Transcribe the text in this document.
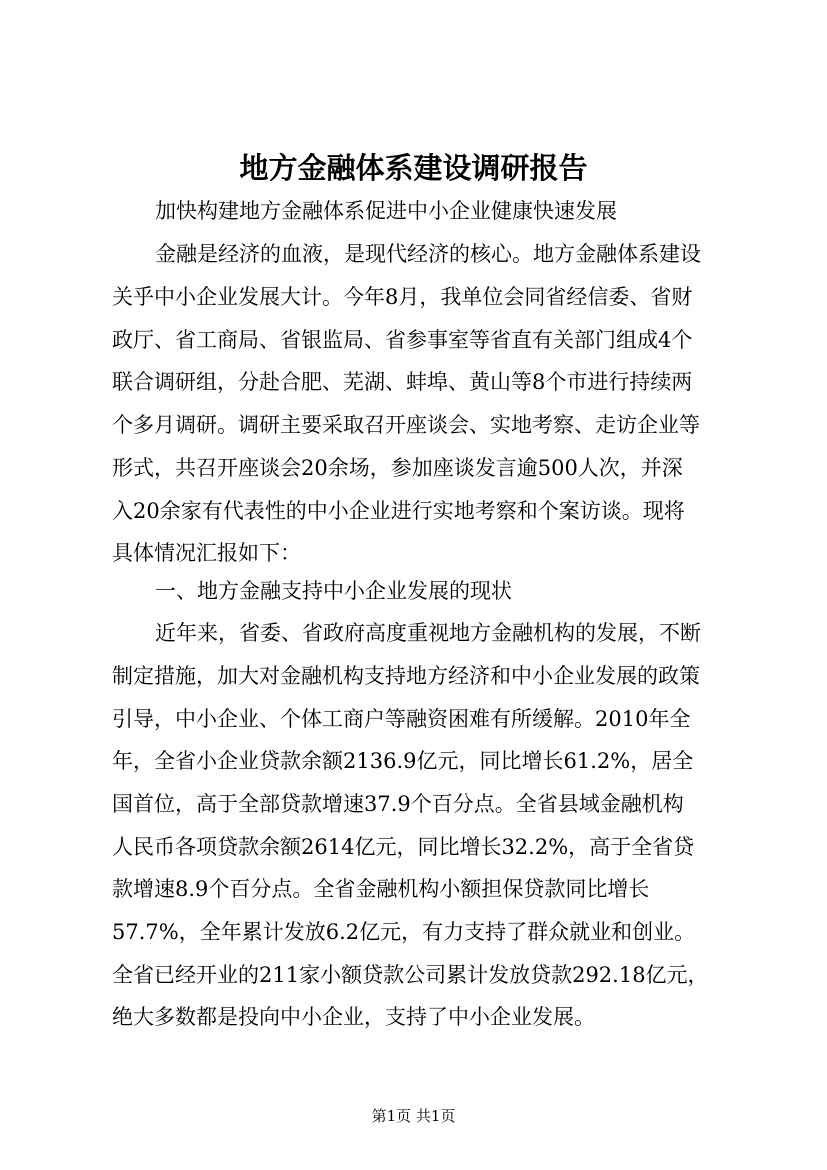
地方金融体系建设调研报告

加快构建地方金融体系促进中小企业健康快速发展

金融是经济的血液，是现代经济的核心。地方金融体系建设

关乎中小企业发展大计。今年8月，我单位会同省经信委、省财

政厅、省工商局、省银监局、省参事室等省直有关部门组成4个

联合调研组，分赴合肥、芜湖、蚌埠、黄山等8个市进行持续两

个多月调研。调研主要采取召开座谈会、实地考察、走访企业等

形式，共召开座谈会20余场，参加座谈发言逾500人次，并深

入20余家有代表性的中小企业进行实地考察和个案访谈。现将

具体情况汇报如下：

一、地方金融支持中小企业发展的现状

近年来，省委、省政府高度重视地方金融机构的发展，不断

制定措施，加大对金融机构支持地方经济和中小企业发展的政策

引导，中小企业、个体工商户等融资困难有所缓解。2010年全

年，全省小企业贷款余额2136.9亿元，同比增长61.2%，居全

国首位，高于全部贷款增速37.9个百分点。全省县域金融机构

人民币各项贷款余额2614亿元，同比增长32.2%，高于全省贷

款增速8.9个百分点。全省金融机构小额担保贷款同比增长

57.7%，全年累计发放6.2亿元，有力支持了群众就业和创业。

全省已经开业的211家小额贷款公司累计发放贷款292.18亿元，

绝大多数都是投向中小企业，支持了中小企业发展。

第1页 共1页
